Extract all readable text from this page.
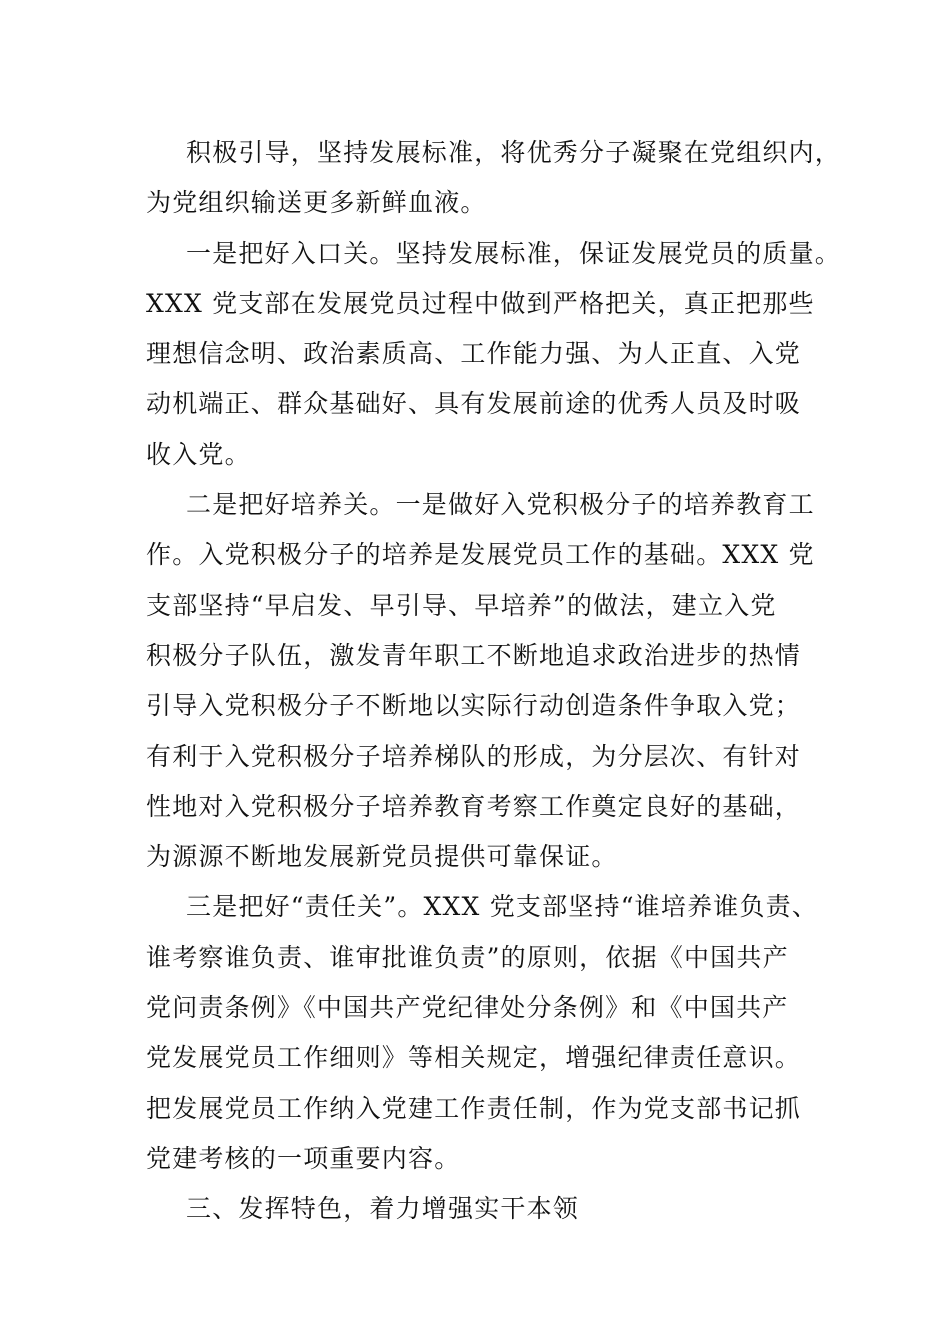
积极引导，坚持发展标准，将优秀分子凝聚在党组织内，
为党组织输送更多新鲜血液。
一是把好入口关。坚持发展标准，保证发展党员的质量。
XXX 党支部在发展党员过程中做到严格把关，真正把那些
理想信念明、政治素质高、工作能力强、为人正直、入党
动机端正、群众基础好、具有发展前途的优秀人员及时吸
收入党。
二是把好培养关。一是做好入党积极分子的培养教育工
作。入党积极分子的培养是发展党员工作的基础。XXX 党
支部坚持“早启发、早引导、早培养”的做法，建立入党
积极分子队伍，激发青年职工不断地追求政治进步的热情
引导入党积极分子不断地以实际行动创造条件争取入党；
有利于入党积极分子培养梯队的形成，为分层次、有针对
性地对入党积极分子培养教育考察工作奠定良好的基础，
为源源不断地发展新党员提供可靠保证。
三是把好“责任关”。XXX 党支部坚持“谁培养谁负责、
谁考察谁负责、谁审批谁负责”的原则，依据《中国共产
党问责条例》《中国共产党纪律处分条例》和《中国共产
党发展党员工作细则》等相关规定，增强纪律责任意识。
把发展党员工作纳入党建工作责任制，作为党支部书记抓
党建考核的一项重要内容。
三、发挥特色，着力增强实干本领
